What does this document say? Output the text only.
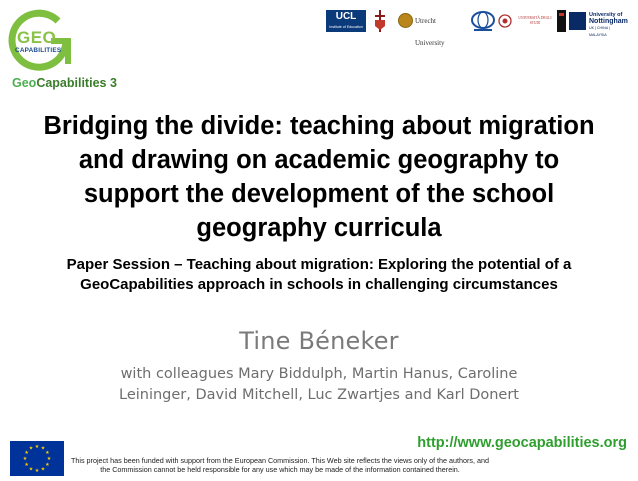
GEO
CAPABILITIES
GeoCapabilities 3
UCL
Institute of Education
Utrecht University
UNIVERSITÀ DEGLI STUDI
University of
Nottingham
UK | CHINA | MALAYSIA
Bridging the divide: teaching about migration and drawing on academic geography to support the development of the school geography curricula
Paper Session – Teaching about migration: Exploring the potential of a GeoCapabilities approach in schools in challenging circumstances
Tine Béneker
with colleagues Mary Biddulph, Martin Hanus, Caroline Leininger, David Mitchell, Luc Zwartjes and Karl Donert
http://www.geocapabilities.org
★ ★
★
★
★
★
★
★
★
★
★
★
This project has been funded with support from the European Commission. This Web site reflects the views only of the authors, and the Commission cannot be held responsible for any use which may be made of the information contained therein.
